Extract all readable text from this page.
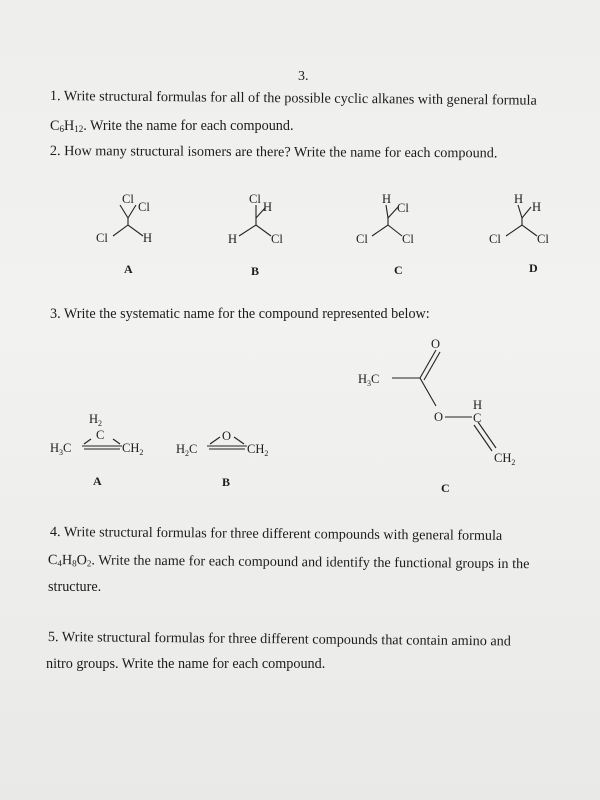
3.
1. Write structural formulas for all of the possible cyclic alkanes with general formula
$C_6H_{12}$. Write the name for each compound.
2. How many structural isomers are there? Write the name for each compound.
Cl
Cl
Cl	H
A
Cl
H
H	Cl
B
H
Cl
Cl	Cl
C
H
H
Cl	Cl
D
$H_2$
C
$H_3C$	$CH_2$
A
O
$H_2C$	$CH_2$
B
O
$H_3C$
O
H
C
$CH_2$
C
3. Write the systematic name for the compound represented below:
4. Write structural formulas for three different compounds with general formula
$C_4H_8O_2$. Write the name for each compound and identify the functional groups in the
structure.
5. Write structural formulas for three different compounds that contain amino and
nitro groups. Write the name for each compound.
